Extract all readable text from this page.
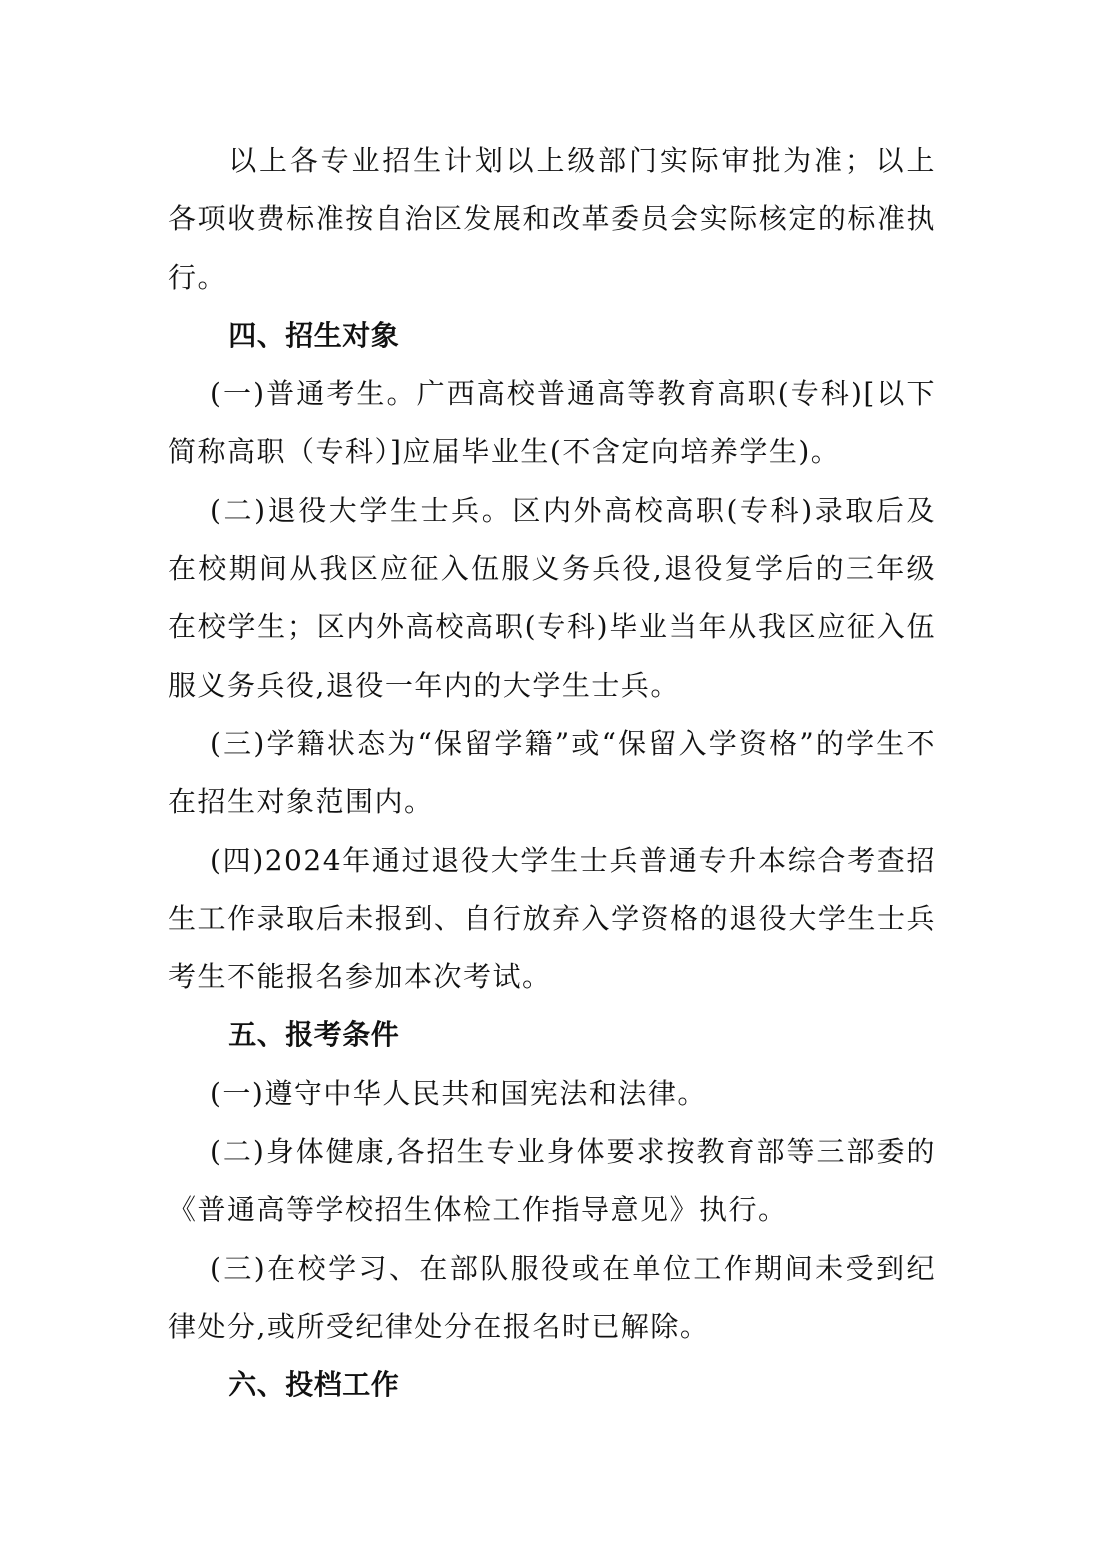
以上各专业招生计划以上级部门实际审批为准；以上各项收费标准按自治区发展和改革委员会实际核定的标准执行。

四、招生对象

(一)普通考生。广西高校普通高等教育高职(专科)[以下简称高职（专科）]应届毕业生(不含定向培养学生)。

(二)退役大学生士兵。区内外高校高职(专科)录取后及在校期间从我区应征入伍服义务兵役,退役复学后的三年级在校学生；区内外高校高职(专科)毕业当年从我区应征入伍服义务兵役,退役一年内的大学生士兵。

(三)学籍状态为“保留学籍”或“保留入学资格”的学生不在招生对象范围内。

(四)2024年通过退役大学生士兵普通专升本综合考查招生工作录取后未报到、自行放弃入学资格的退役大学生士兵考生不能报名参加本次考试。

五、报考条件

(一)遵守中华人民共和国宪法和法律。

(二)身体健康,各招生专业身体要求按教育部等三部委的《普通高等学校招生体检工作指导意见》执行。

(三)在校学习、在部队服役或在单位工作期间未受到纪律处分,或所受纪律处分在报名时已解除。

六、投档工作
